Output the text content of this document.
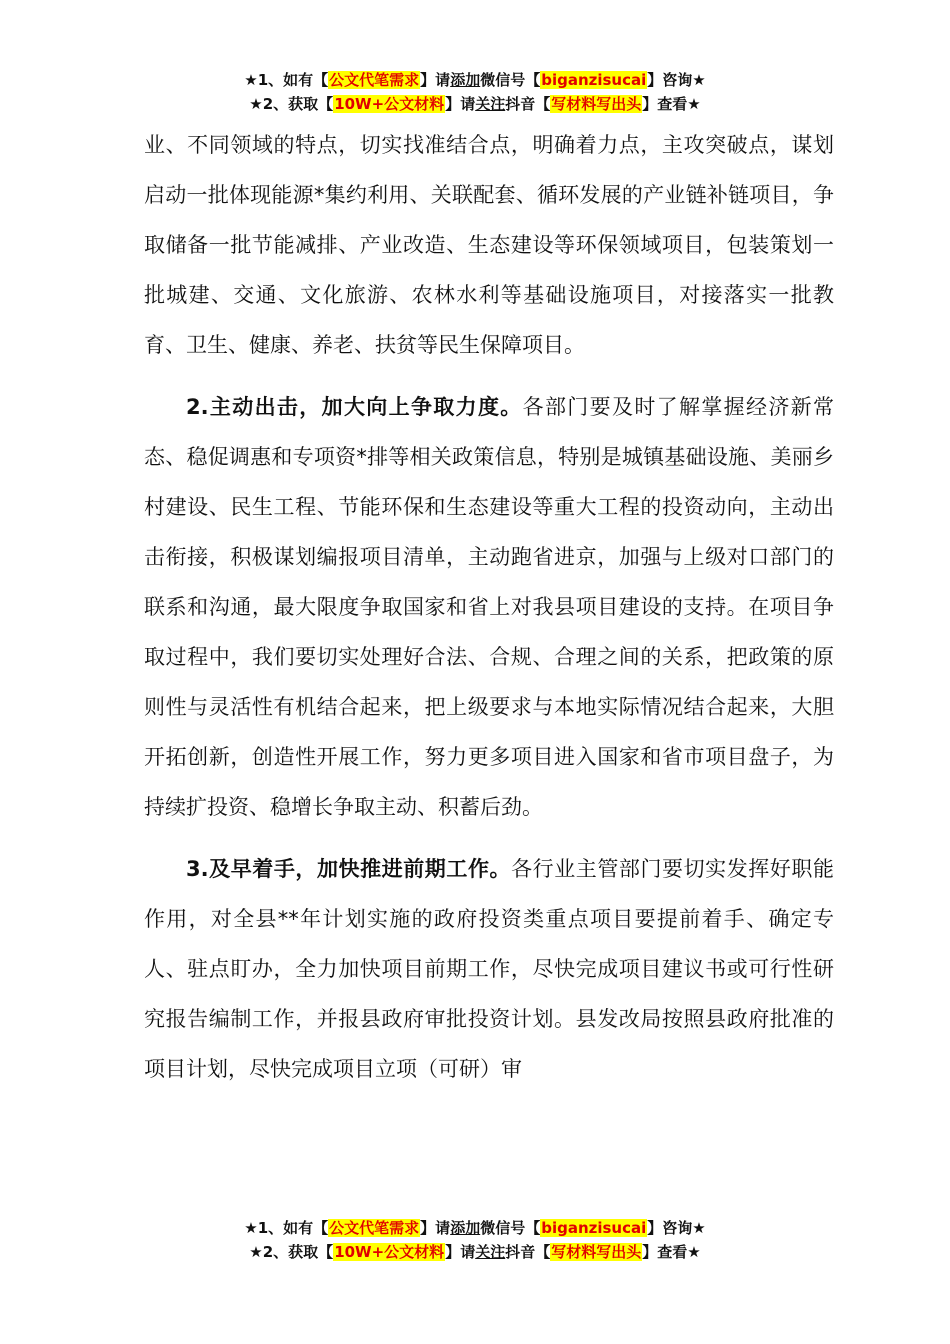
★1、如有【公文代笔需求】请添加微信号【biganzisucai】咨询★
★2、获取【10W+公文材料】请关注抖音【写材料写出头】查看★

业、不同领域的特点，切实找准结合点，明确着力点，主攻突破点，谋划启动一批体现能源*集约利用、关联配套、循环发展的产业链补链项目，争取储备一批节能减排、产业改造、生态建设等环保领域项目，包装策划一批城建、交通、文化旅游、农林水利等基础设施项目，对接落实一批教育、卫生、健康、养老、扶贫等民生保障项目。

2.主动出击，加大向上争取力度。各部门要及时了解掌握经济新常态、稳促调惠和专项资*排等相关政策信息，特别是城镇基础设施、美丽乡村建设、民生工程、节能环保和生态建设等重大工程的投资动向，主动出击衔接，积极谋划编报项目清单，主动跑省进京，加强与上级对口部门的联系和沟通，最大限度争取国家和省上对我县项目建设的支持。在项目争取过程中，我们要切实处理好合法、合规、合理之间的关系，把政策的原则性与灵活性有机结合起来，把上级要求与本地实际情况结合起来，大胆开拓创新，创造性开展工作，努力更多项目进入国家和省市项目盘子，为持续扩投资、稳增长争取主动、积蓄后劲。

3.及早着手，加快推进前期工作。各行业主管部门要切实发挥好职能作用，对全县**年计划实施的政府投资类重点项目要提前着手、确定专人、驻点盯办，全力加快项目前期工作，尽快完成项目建议书或可行性研究报告编制工作，并报县政府审批投资计划。县发改局按照县政府批准的项目计划，尽快完成项目立项（可研）审

★1、如有【公文代笔需求】请添加微信号【biganzisucai】咨询★
★2、获取【10W+公文材料】请关注抖音【写材料写出头】查看★
